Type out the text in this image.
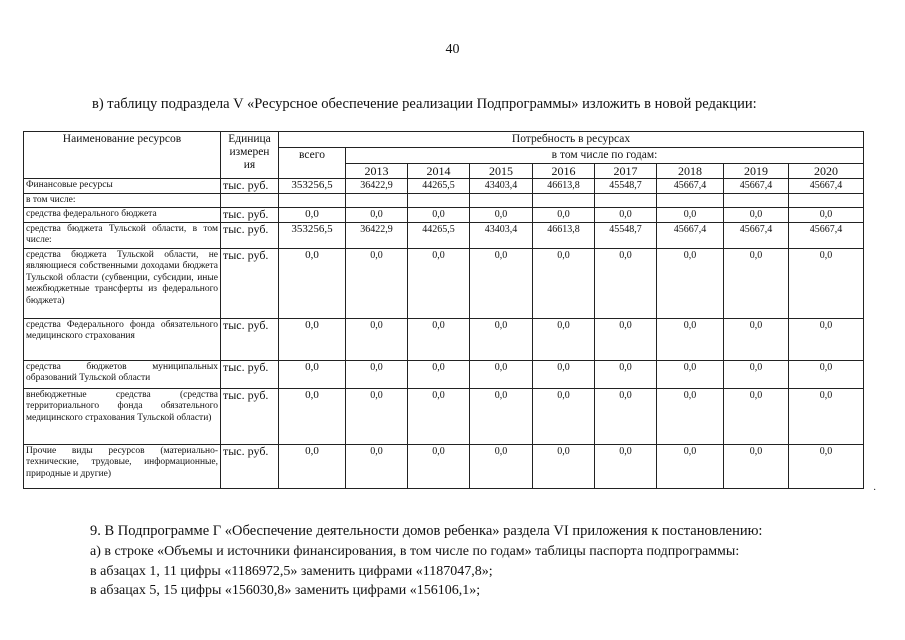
40
в) таблицу подраздела V «Ресурсное обеспечение реализации Подпрограммы» изложить в новой редакции:
Наименование ресурсов	Единица измерен ия	Потребность в ресурсах								
		всего	в том числе по годам:							
			2013	2014	2015	2016	2017	2018	2019	2020
Финансовые ресурсы	тыс. руб.	353256,5	36422,9	44265,5	43403,4	46613,8	45548,7	45667,4	45667,4	45667,4
в том числе:										
средства федерального бюджета	тыс. руб.	0,0	0,0	0,0	0,0	0,0	0,0	0,0	0,0	0,0
средства бюджета Тульской области, в том числе:	тыс. руб.	353256,5	36422,9	44265,5	43403,4	46613,8	45548,7	45667,4	45667,4	45667,4
средства бюджета Тульской области, не являющиеся собственными доходами бюджета Тульской области (субвенции, субсидии, иные межбюджетные трансферты из федерального бюджета)	тыс. руб.	0,0	0,0	0,0	0,0	0,0	0,0	0,0	0,0	0,0
средства Федерального фонда обязательного медицинского страхования	тыс. руб.	0,0	0,0	0,0	0,0	0,0	0,0	0,0	0,0	0,0
средства бюджетов муниципальных образований Тульской области	тыс. руб.	0,0	0,0	0,0	0,0	0,0	0,0	0,0	0,0	0,0
внебюджетные средства (средства территориального фонда обязательного медицинского страхования Тульской области)	тыс. руб.	0,0	0,0	0,0	0,0	0,0	0,0	0,0	0,0	0,0
Прочие виды ресурсов (материально-технические, трудовые, информационные, природные и другие)	тыс. руб.	0,0	0,0	0,0	0,0	0,0	0,0	0,0	0,0	0,0
·
9. В Подпрограмме Г «Обеспечение деятельности домов ребенка» раздела VI приложения к постановлению:
а) в строке «Объемы и источники финансирования, в том числе по годам» таблицы паспорта подпрограммы:
в абзацах 1, 11 цифры «1186972,5» заменить цифрами «1187047,8»;
в абзацах 5, 15 цифры «156030,8» заменить цифрами «156106,1»;
